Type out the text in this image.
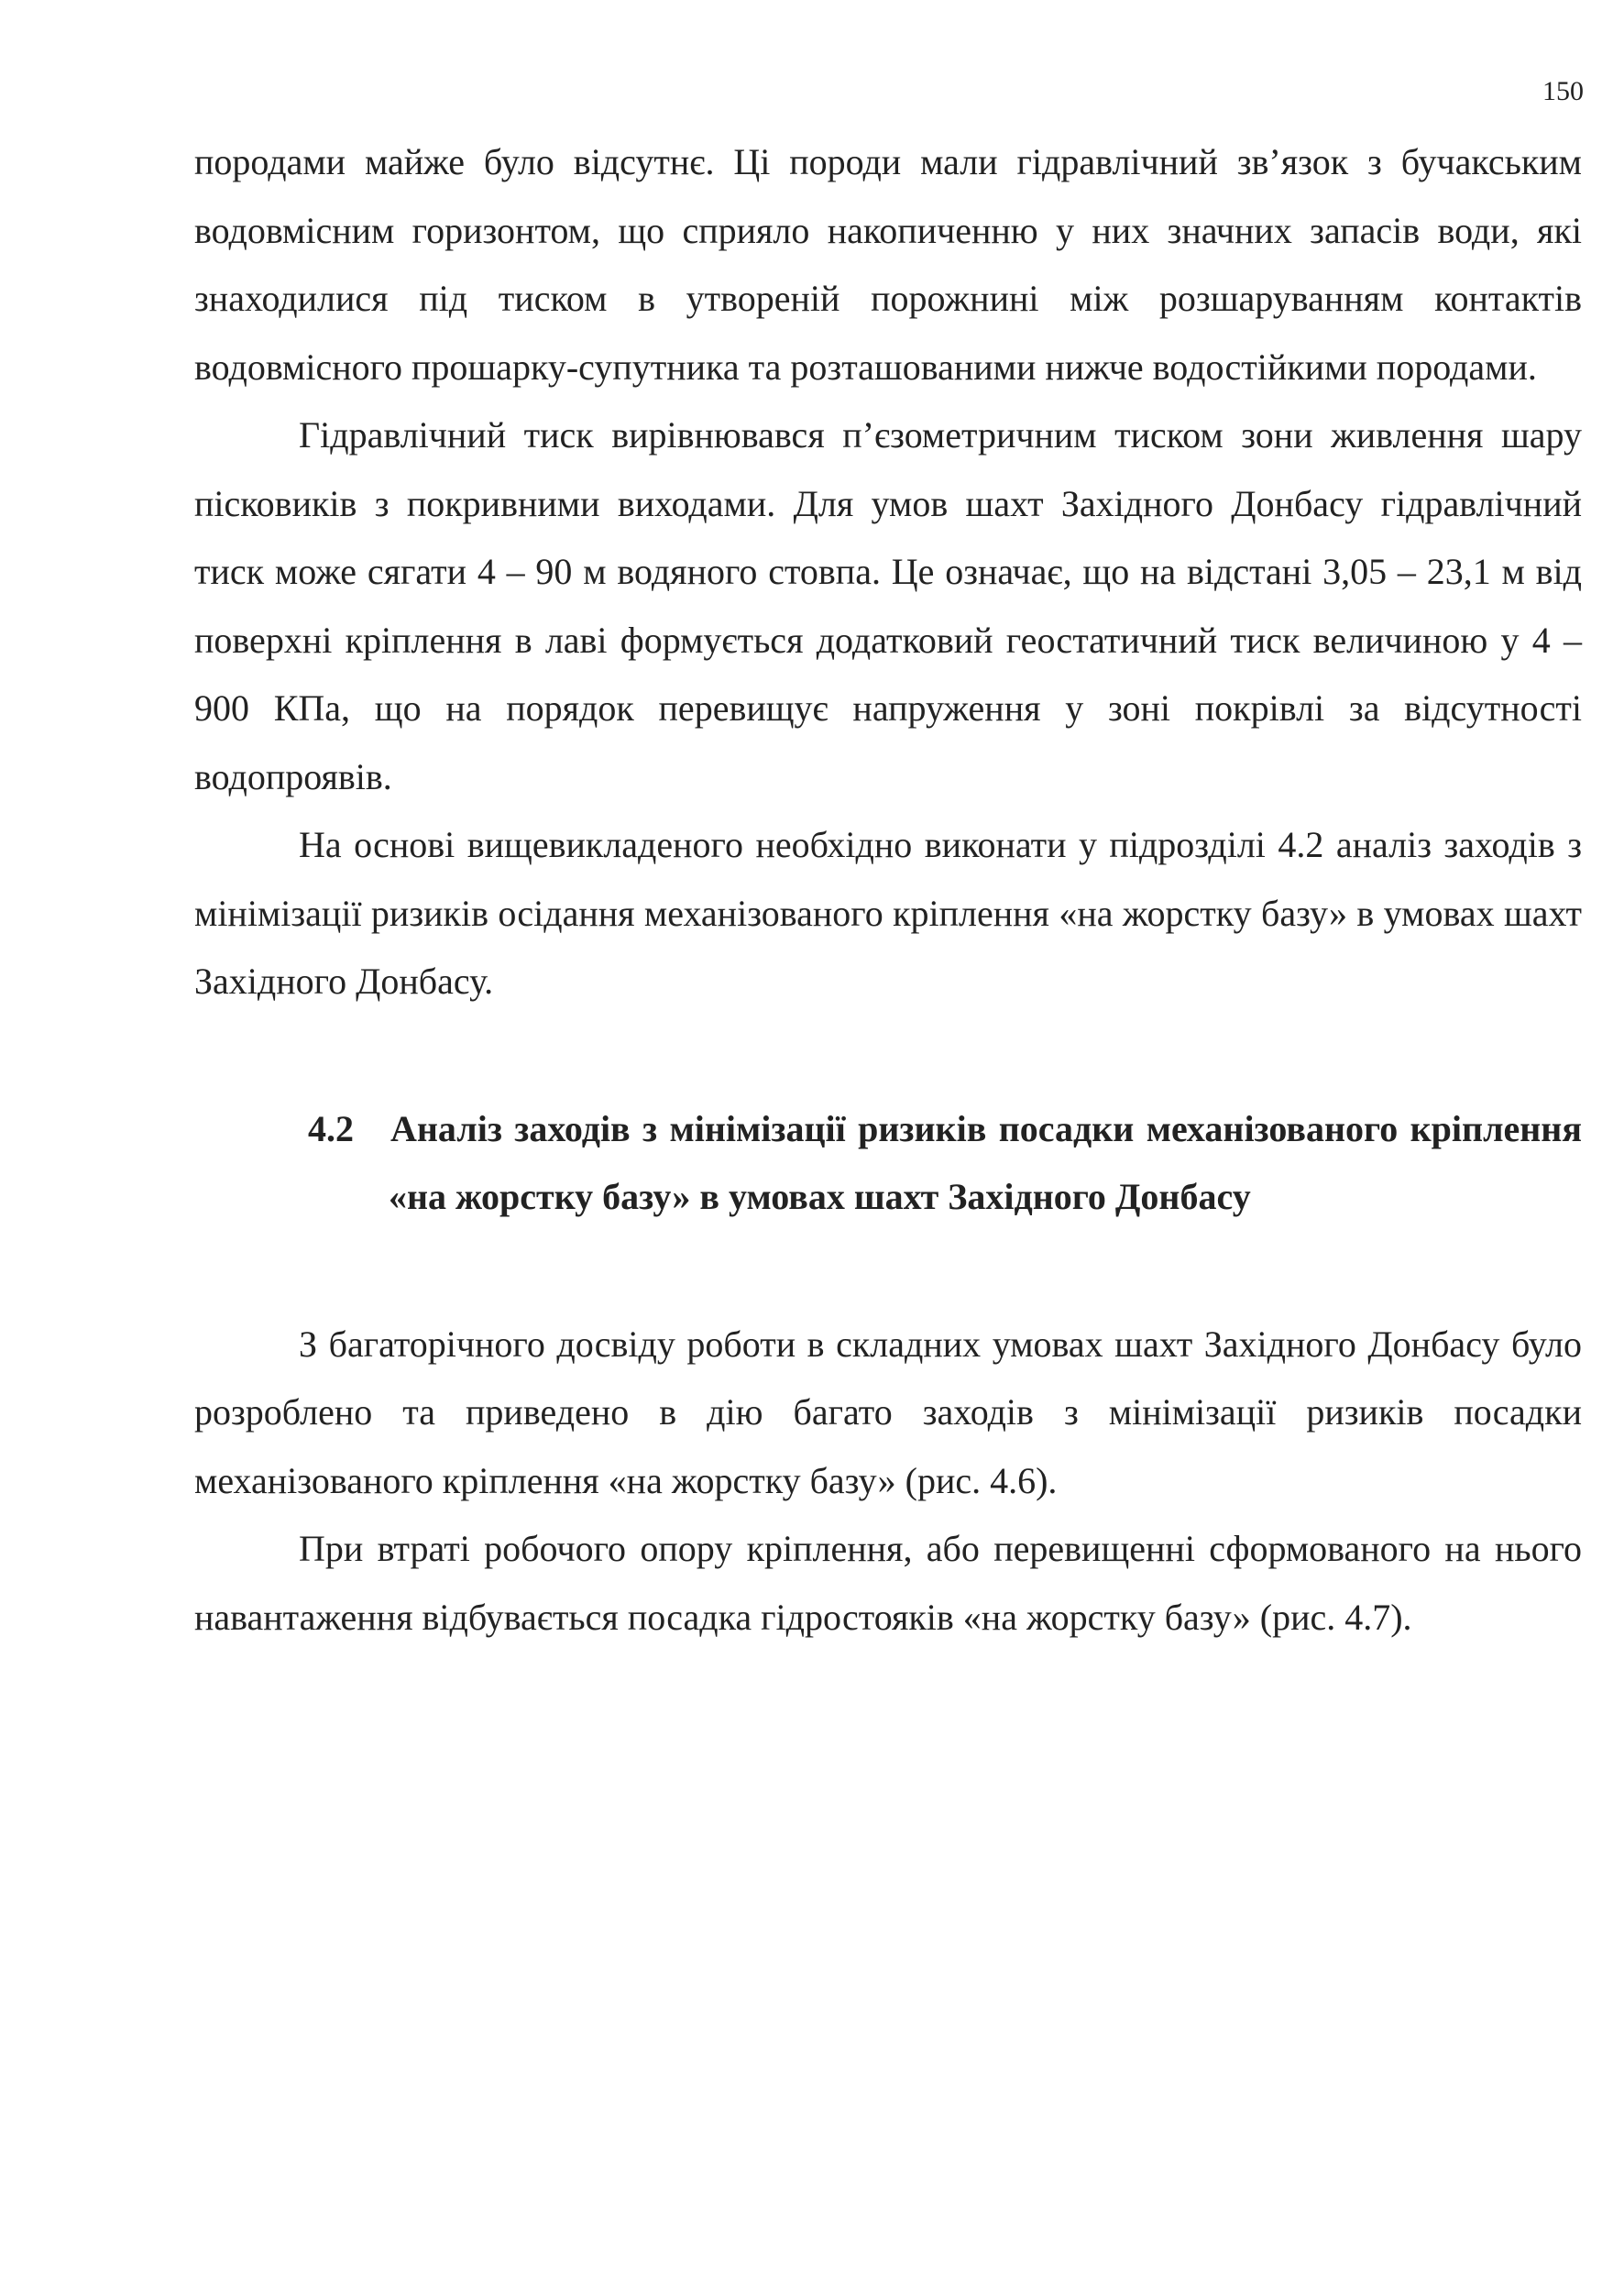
150

породами майже було відсутнє. Ці породи мали гідравлічний зв’язок з бучакським водовмісним горизонтом, що сприяло накопиченню у них значних запасів води, які знаходилися під тиском в утвореній порожнині між розшаруванням контактів водовмісного прошарку-супутника та розташованими нижче водостійкими породами.

Гідравлічний тиск вирівнювався п’єзометричним тиском зони живлення шару пісковиків з покривними виходами. Для умов шахт Західного Донбасу гідравлічний тиск може сягати 4 – 90 м водяного стовпа. Це означає, що на відстані 3,05 – 23,1 м від поверхні кріплення в лаві формується додатковий геостатичний тиск величиною у 4 – 900 КПа, що на порядок перевищує напруження у зоні покрівлі за відсутності водопроявів.

На основі вищевикладеного необхідно виконати у підрозділі 4.2 аналіз заходів з мінімізації ризиків осідання механізованого кріплення «на жорстку базу» в умовах шахт Західного Донбасу.

4.2 Аналіз заходів з мінімізації ризиків посадки механізованого кріплення «на жорстку базу» в умовах шахт Західного Донбасу

З багаторічного досвіду роботи в складних умовах шахт Західного Донбасу було розроблено та приведено в дію багато заходів з мінімізації ризиків посадки механізованого кріплення «на жорстку базу» (рис. 4.6).

При втраті робочого опору кріплення, або перевищенні сформованого на нього навантаження відбувається посадка гідростояків «на жорстку базу» (рис. 4.7).
